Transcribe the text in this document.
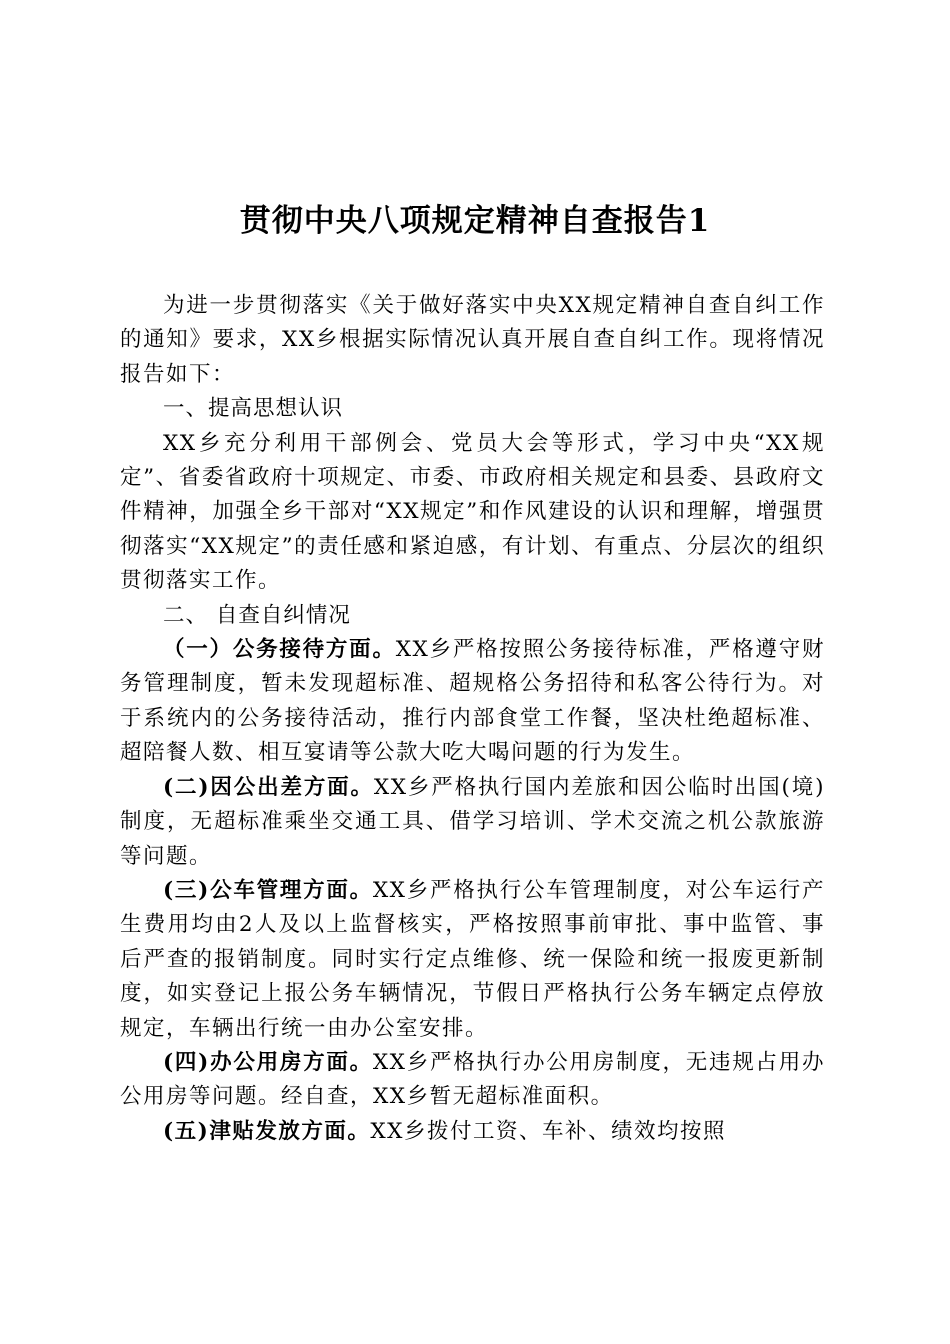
贯彻中央八项规定精神自查报告1

为进一步贯彻落实《关于做好落实中央XX规定精神自查自纠工作的通知》要求，XX乡根据实际情况认真开展自查自纠工作。现将情况报告如下：

一、提高思想认识

XX乡充分利用干部例会、党员大会等形式，学习中央“XX规定”、省委省政府十项规定、市委、市政府相关规定和县委、县政府文件精神，加强全乡干部对“XX规定”和作风建设的认识和理解，增强贯彻落实“XX规定”的责任感和紧迫感，有计划、有重点、分层次的组织贯彻落实工作。

二、 自查自纠情况

（一）公务接待方面。XX乡严格按照公务接待标准，严格遵守财务管理制度，暂未发现超标准、超规格公务招待和私客公待行为。对于系统内的公务接待活动，推行内部食堂工作餐，坚决杜绝超标准、超陪餐人数、相互宴请等公款大吃大喝问题的行为发生。

(二)因公出差方面。XX乡严格执行国内差旅和因公临时出国(境)制度，无超标准乘坐交通工具、借学习培训、学术交流之机公款旅游等问题。

(三)公车管理方面。XX乡严格执行公车管理制度，对公车运行产生费用均由2人及以上监督核实，严格按照事前审批、事中监管、事后严查的报销制度。同时实行定点维修、统一保险和统一报废更新制度，如实登记上报公务车辆情况，节假日严格执行公务车辆定点停放规定，车辆出行统一由办公室安排。

(四)办公用房方面。XX乡严格执行办公用房制度，无违规占用办公用房等问题。经自查，XX乡暂无超标准面积。

(五)津贴发放方面。XX乡拨付工资、车补、绩效均按照
